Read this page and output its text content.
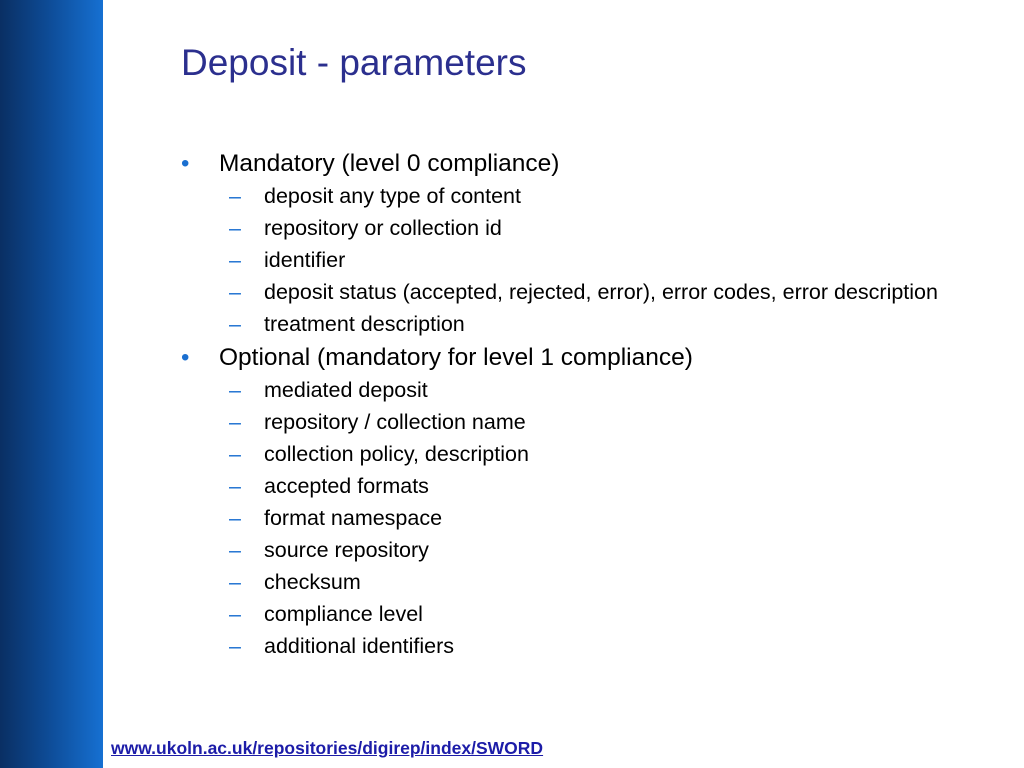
Deposit - parameters
• Mandatory (level 0 compliance)
– deposit any type of content
– repository or collection id
– identifier
– deposit status (accepted, rejected, error), error codes, error description
– treatment description
• Optional (mandatory for level 1 compliance)
– mediated deposit
– repository / collection name
– collection policy, description
– accepted formats
– format namespace
– source repository
– checksum
– compliance level
– additional identifiers
www.ukoln.ac.uk/repositories/digirep/index/SWORD
